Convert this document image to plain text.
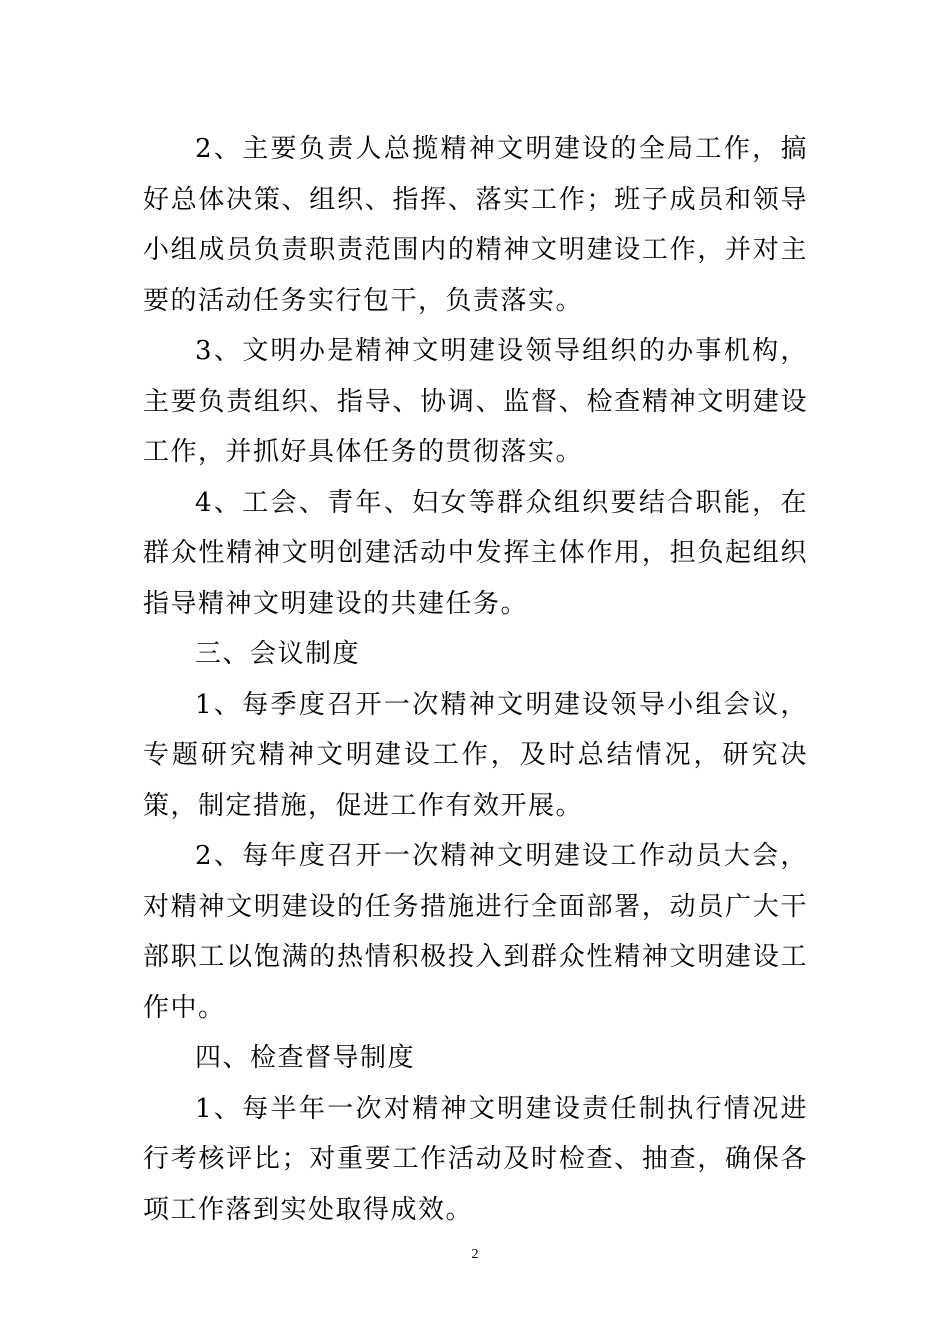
2、主要负责人总揽精神文明建设的全局工作，搞好总体决策、组织、指挥、落实工作；班子成员和领导小组成员负责职责范围内的精神文明建设工作，并对主要的活动任务实行包干，负责落实。

3、文明办是精神文明建设领导组织的办事机构，主要负责组织、指导、协调、监督、检查精神文明建设工作，并抓好具体任务的贯彻落实。

4、工会、青年、妇女等群众组织要结合职能，在群众性精神文明创建活动中发挥主体作用，担负起组织指导精神文明建设的共建任务。

三、会议制度

1、每季度召开一次精神文明建设领导小组会议，专题研究精神文明建设工作，及时总结情况，研究决策，制定措施，促进工作有效开展。

2、每年度召开一次精神文明建设工作动员大会，对精神文明建设的任务措施进行全面部署，动员广大干部职工以饱满的热情积极投入到群众性精神文明建设工作中。

四、检查督导制度

1、每半年一次对精神文明建设责任制执行情况进行考核评比；对重要工作活动及时检查、抽查，确保各项工作落到实处取得成效。

2
